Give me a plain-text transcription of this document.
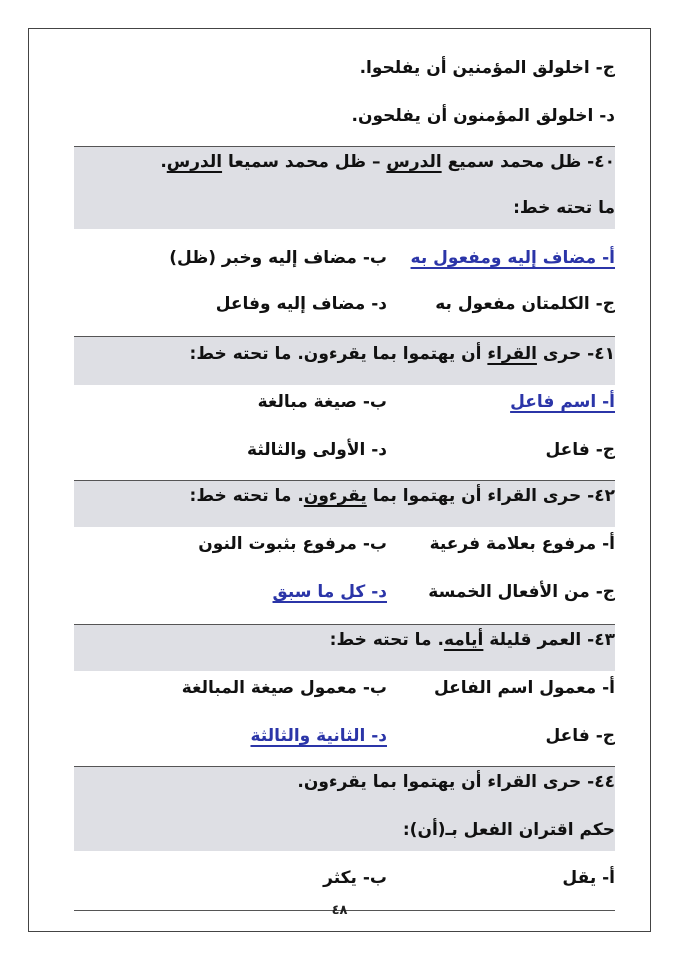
ج- اخلولق المؤمنين أن يفلحوا.
د- اخلولق المؤمنون أن يفلحون.
٤٠- ظل محمد سميع الدرس – ظل محمد سميعا الدرس.
ما تحته خط:
أ- مضاف إليه ومفعول به
ب- مضاف إليه وخبر (ظل)
ج- الكلمتان مفعول به
د- مضاف إليه وفاعل
٤١- حرى القراء أن يهتموا بما يقرءون. ما تحته خط:
أ- اسم فاعل
ب- صيغة مبالغة
ج- فاعل
د- الأولى والثالثة
٤٢- حرى القراء أن يهتموا بما يقرءون. ما تحته خط:
أ- مرفوع بعلامة فرعية
ب- مرفوع بثبوت النون
ج- من الأفعال الخمسة
د- كل ما سبق
٤٣- العمر قليلة أيامه. ما تحته خط:
أ- معمول اسم الفاعل
ب- معمول صيغة المبالغة
ج- فاعل
د- الثانية والثالثة
٤٤- حرى القراء أن يهتموا بما يقرءون.
حكم اقتران الفعل بـ(أن):
أ- يقل
ب- يكثر
٤٨
